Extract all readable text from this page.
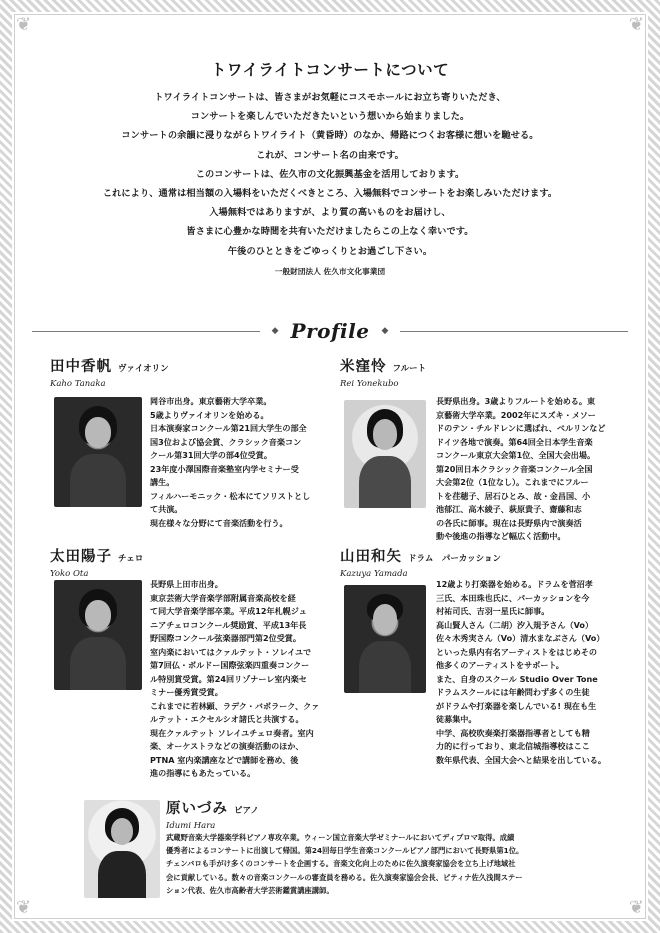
❦	❦
❦	❦
トワイライトコンサートについて
トワイライトコンサートは、皆さまがお気軽にコスモホールにお立ち寄りいただき、
コンサートを楽しんでいただきたいという想いから始まりました。
コンサートの余韻に浸りながらトワイライト（黄昏時）のなか、帰路につくお客様に想いを馳せる。
これが、コンサート名の由来です。
このコンサートは、佐久市の文化振興基金を活用しております。
これにより、通常は相当額の入場料をいただくべきところ、入場無料でコンサートをお楽しみいただけます。
入場無料ではありますが、より質の高いものをお届けし、
皆さまに心豊かな時間を共有いただけましたらこの上なく幸いです。
午後のひとときをごゆっくりとお過ごし下さい。
一般財団法人 佐久市文化事業団
◆ Profile ◆
田中香帆 ヴァイオリン
Kaho Tanaka
岡谷市出身。東京藝術大学卒業。
5歳よりヴァイオリンを始める。
日本演奏家コンクール第21回大学生の部全
国3位および協会賞、クラシック音楽コン
クール第31回大学の部4位受賞。
23年度小澤国際音楽塾室内学セミナー受
講生。
フィルハーモニック・松本にてソリストとし
て共演。
現在様々な分野にて音楽活動を行う。
米窪怜 フルート
Rei Yonekubo
長野県出身。3歳よりフルートを始める。東
京藝術大学卒業。2002年にスズキ・メソー
ドのテン・チルドレンに選ばれ、ベルリンなど
ドイツ各地で演奏。第64回全日本学生音楽
コンクール東京大会第1位、全国大会出場。
第20回日本クラシック音楽コンクール全国
大会第2位（1位なし）。これまでにフルー
トを荏穂子、居石ひとみ、故・金昌国、小
池郁江、高木綾子、萩原貴子、齋藤和志
の各氏に師事。現在は長野県内で演奏活
動や後進の指導など幅広く活動中。
太田陽子 チェロ
Yoko Ota
長野県上田市出身。
東京芸術大学音楽学部附属音楽高校を経
て同大学音楽学部卒業。平成12年札幌ジュ
ニアチェロコンクール奨励賞、平成13年長
野国際コンクール弦楽器部門第2位受賞。
室内楽においてはクァルテット・ソレイユで
第7回仏・ボルドー国際弦楽四重奏コンクー
ル特別賞受賞。第24回リゾナーレ室内楽セ
ミナー優秀賞受賞。
これまでに若林顕、ラデク・バボラーク、クァ
ルテット・エクセルシオ諸氏と共演する。
現在クァルテット ソレイユチェロ奏者。室内
楽、オーケストラなどの演奏活動のほか、
PTNA 室内楽講座などで講師を務め、後
進の指導にもあたっている。
山田和矢 ドラム　パーカッション
Kazuya Yamada
12歳より打楽器を始める。ドラムを菅沼孝
三氏、本田珠也氏に、パーカッションを今
村祐司氏、吉羽一星氏に師事。
高山賢人さん（二胡）汐入規予さん（Vo）
佐々木秀実さん（Vo）清水まなぶさん（Vo）
といった県内有名アーティストをはじめその
他多くのアーティストをサポート。
また、自身のスクール Studio Over Tone
ドラムスクールには年齢問わず多くの生徒
がドラムや打楽器を楽しんでいる! 現在も生
徒募集中。
中学、高校吹奏楽打楽器指導者としても精
力的に行っており、東北信城指導校はここ
数年県代表、全国大会へと結果を出している。
原いづみ ピアノ
Idumi Hara
武蔵野音楽大学器楽学科ピアノ専攻卒業。ウィーン国立音楽大学ゼミナールにおいてディプロマ取得。成績
優秀者によるコンサートに出演して帰国。第24回毎日学生音楽コンクールピアノ部門において長野県第1位。
チェンバロも手がけ多くのコンサートを企画する。音楽文化向上のために佐久演奏家協会を立ち上げ地域社
会に貢献している。数々の音楽コンクールの審査員を務める。佐久演奏家協会会長、ピティナ佐久浅間ステー
ション代表、佐久市高齢者大学芸術鑑賞講座講師。
